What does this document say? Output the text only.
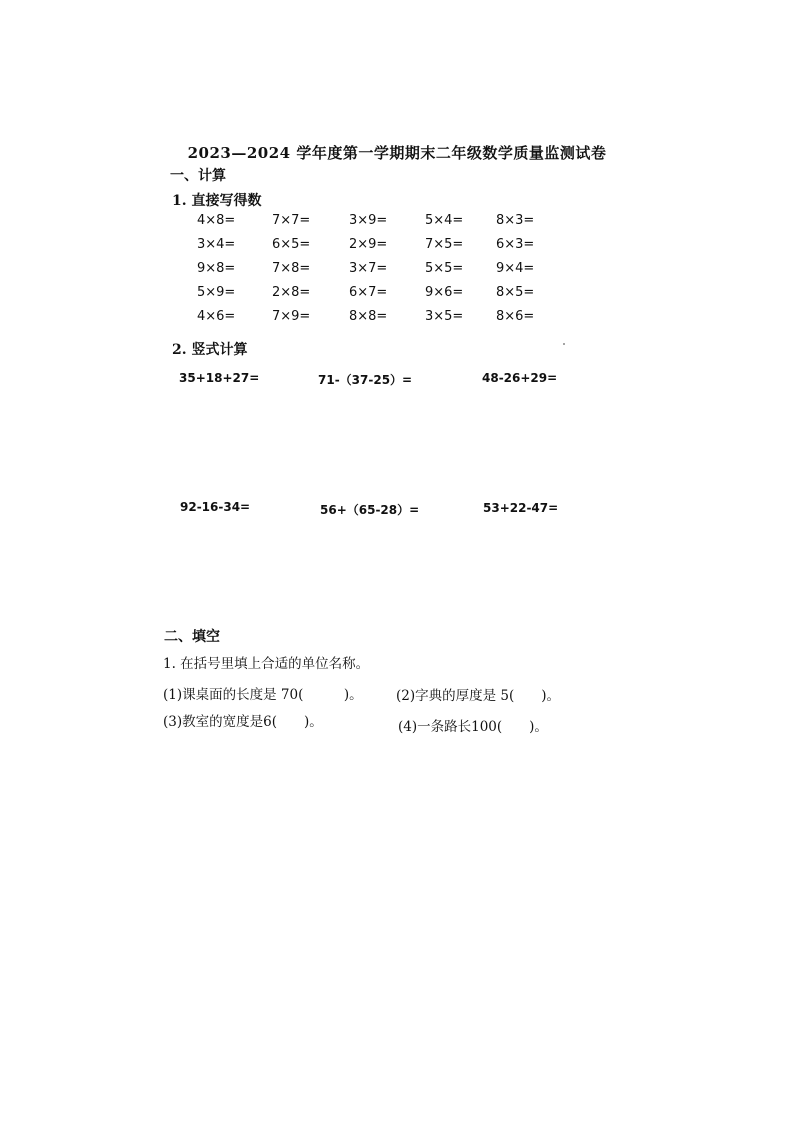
2023—2024 学年度第一学期期末二年级数学质量监测试卷
一、计算
1. 直接写得数
4×8=	7×7=	3×9=	5×4=	8×3=
3×4=	6×5=	2×9=	7×5=	6×3=
9×8=	7×8=	3×7=	5×5=	9×4=
5×9=	2×8=	6×7=	9×6=	8×5=
4×6=	7×9=	8×8=	3×5=	8×6=
2. 竖式计算
35+18+27=	71-（37-25）=	48-26+29=
92-16-34=	56+（65-28）=	53+22-47=
二、填空
1. 在括号里填上合适的单位名称。
(1)课桌面的长度是 70(　　　)。 (2)字典的厚度是 5(　　)。
(3)教室的宽度是6(　　)。	(4)一条路长100(　　)。
